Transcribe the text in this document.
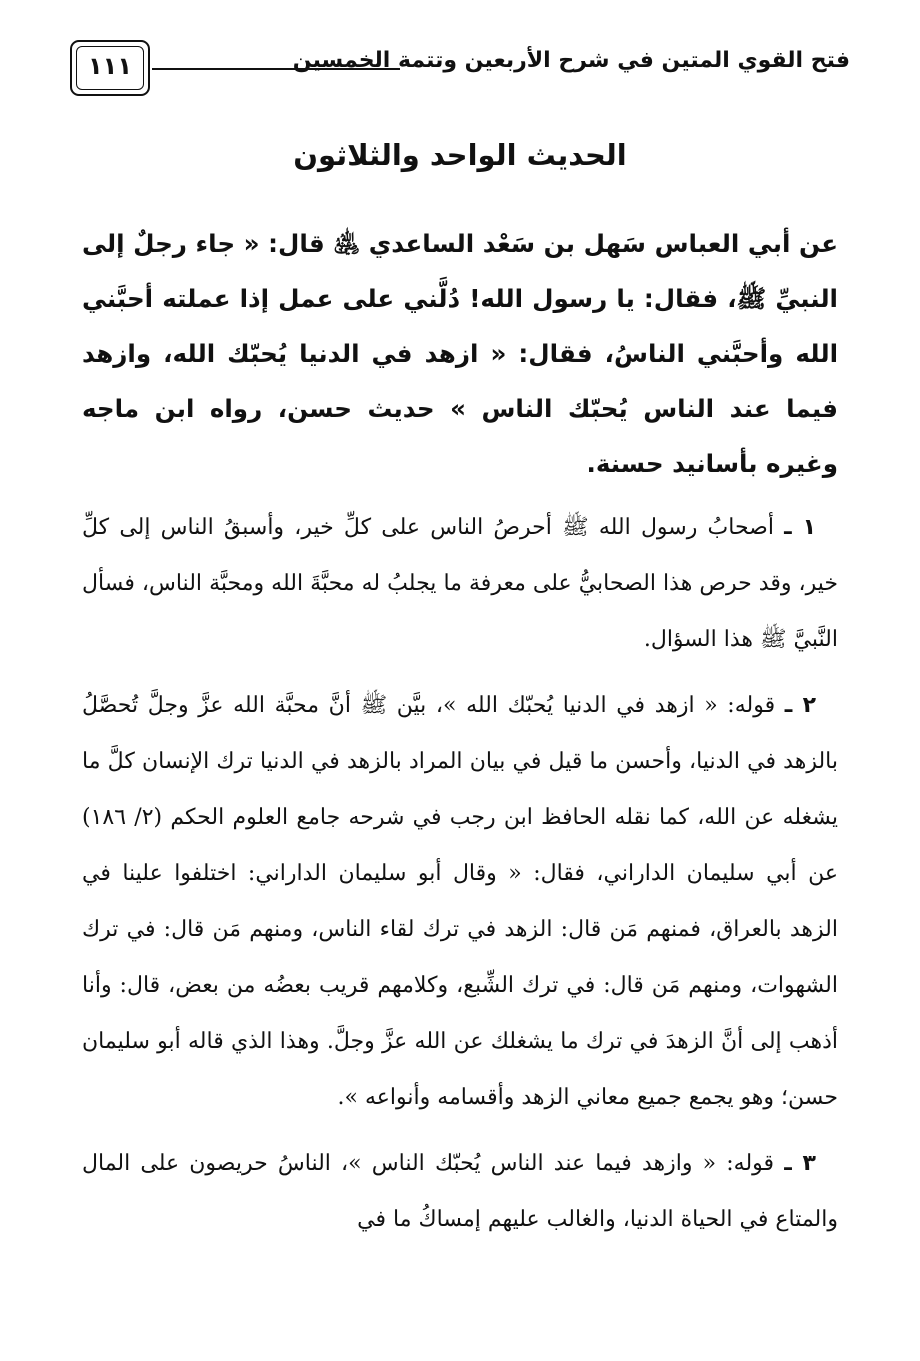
فتح القوي المتين في شرح الأربعين وتتمة الخمسين
١١١
الحديث الواحد والثلاثون
عن أبي العباس سَهل بن سَعْد الساعدي ﵁ قال: « جاء رجلٌ إلى النبيِّ ﷺ، فقال: يا رسول الله! دُلَّني على عمل إذا عملته أحبَّني الله وأحبَّني الناسُ، فقال: « ازهد في الدنيا يُحبّك الله، وازهد فيما عند الناس يُحبّك الناس » حديث حسن، رواه ابن ماجه وغيره بأسانيد حسنة.

١ ـ أصحابُ رسول الله ﷺ أحرصُ الناس على كلِّ خير، وأسبقُ الناس إلى كلِّ خير، وقد حرص هذا الصحابيُّ على معرفة ما يجلبُ له محبَّةَ الله ومحبَّة الناس، فسأل النَّبيَّ ﷺ هذا السؤال.

٢ ـ قوله: « ازهد في الدنيا يُحبّك الله »، بيَّن ﷺ أنَّ محبَّة الله عزَّ وجلَّ تُحصَّلُ بالزهد في الدنيا، وأحسن ما قيل في بيان المراد بالزهد في الدنيا ترك الإنسان كلَّ ما يشغله عن الله، كما نقله الحافظ ابن رجب في شرحه جامع العلوم الحكم (٢/ ١٨٦) عن أبي سليمان الداراني، فقال: « وقال أبو سليمان الداراني: اختلفوا علينا في الزهد بالعراق، فمنهم مَن قال: الزهد في ترك لقاء الناس، ومنهم مَن قال: في ترك الشهوات، ومنهم مَن قال: في ترك الشِّبع، وكلامهم قريب بعضُه من بعض، قال: وأنا أذهب إلى أنَّ الزهدَ في ترك ما يشغلك عن الله عزَّ وجلَّ. وهذا الذي قاله أبو سليمان حسن؛ وهو يجمع جميع معاني الزهد وأقسامه وأنواعه ».

٣ ـ قوله: « وازهد فيما عند الناس يُحبّك الناس »، الناسُ حريصون على المال والمتاع في الحياة الدنيا، والغالب عليهم إمساكُ ما في
